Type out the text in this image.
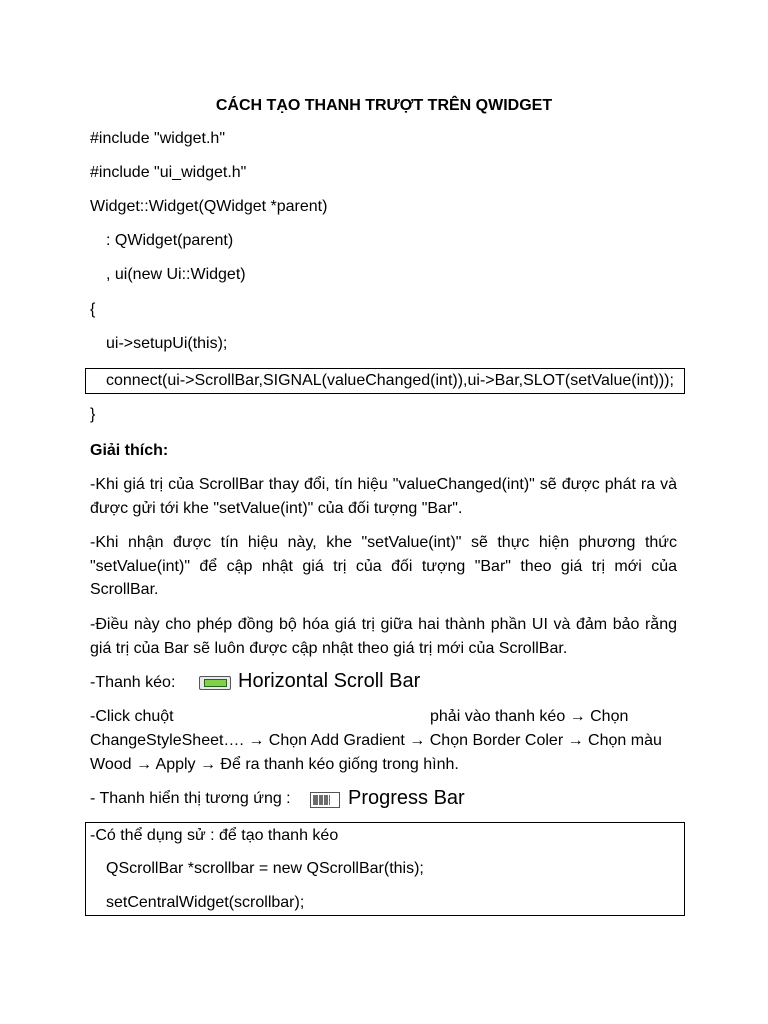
CÁCH TẠO THANH TRƯỢT TRÊN QWIDGET
#include "widget.h"
#include "ui_widget.h"
Widget::Widget(QWidget *parent)
: QWidget(parent)
, ui(new Ui::Widget)
{
ui->setupUi(this);
connect(ui->ScrollBar,SIGNAL(valueChanged(int)),ui->Bar,SLOT(setValue(int)));
}
Giải thích:
-Khi giá trị của ScrollBar thay đổi, tín hiệu "valueChanged(int)" sẽ được phát ra và được gửi tới khe "setValue(int)" của đối tượng "Bar".
-Khi nhận được tín hiệu này, khe "setValue(int)" sẽ thực hiện phương thức "setValue(int)" để cập nhật giá trị của đối tượng "Bar" theo giá trị mới của ScrollBar.
-Điều này cho phép đồng bộ hóa giá trị giữa hai thành phần UI và đảm bảo rằng giá trị của Bar sẽ luôn được cập nhật theo giá trị mới của ScrollBar.
-Thanh kéo:	Horizontal Scroll Bar
-Click chuột	phải vào thanh kéo → Chọn
ChangeStyleSheet…. → Chọn Add Gradient → Chọn Border Coler → Chọn màu
Wood → Apply → Để ra thanh kéo giống trong hình.
- Thanh hiển thị tương ứng :	Progress Bar
-Có thể dụng sử : để tạo thanh kéo
QScrollBar *scrollbar = new QScrollBar(this);
setCentralWidget(scrollbar);
